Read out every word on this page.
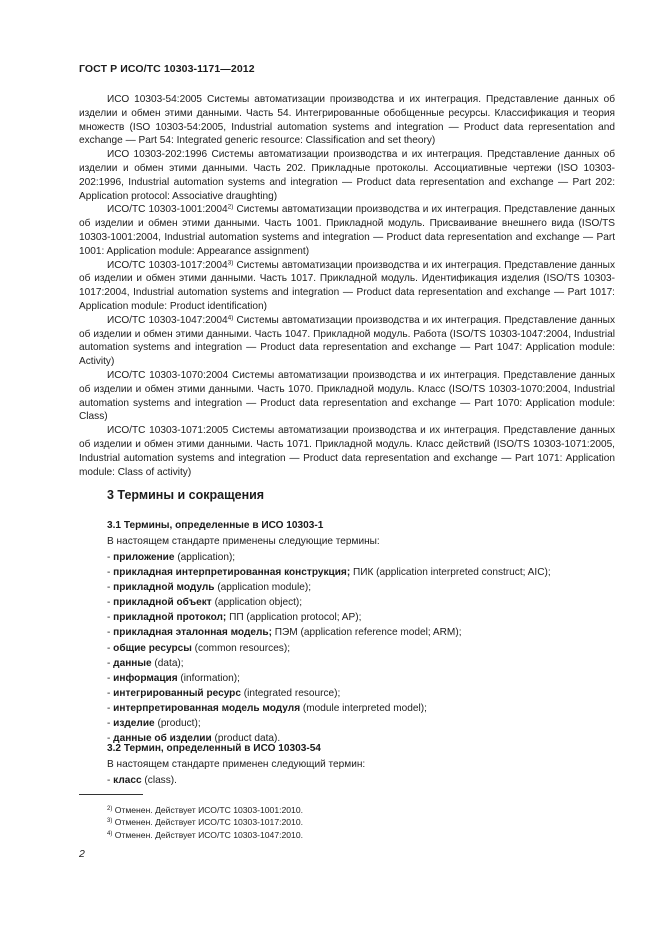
ГОСТ Р ИСО/ТС 10303-1171—2012

ИСО 10303-54:2005 Системы автоматизации производства и их интеграция. Представление данных об изделии и обмен этими данными. Часть 54. Интегрированные обобщенные ресурсы. Классификация и теория множеств (ISO 10303-54:2005, Industrial automation systems and integration — Product data representation and exchange — Part 54: Integrated generic resource: Classification and set theory)

ИСО 10303-202:1996 Системы автоматизации производства и их интеграция. Представление данных об изделии и обмен этими данными. Часть 202. Прикладные протоколы. Ассоциативные чертежи (ISO 10303-202:1996, Industrial automation systems and integration — Product data representation and exchange — Part 202: Application protocol: Associative draughting)

ИСО/ТС 10303-1001:2004$^{2)}$ Системы автоматизации производства и их интеграция. Представление данных об изделии и обмен этими данными. Часть 1001. Прикладной модуль. Присваивание внешнего вида (ISO/TS 10303-1001:2004, Industrial automation systems and integration — Product data representation and exchange — Part 1001: Application module: Appearance assignment)

ИСО/ТС 10303-1017:2004$^{3)}$ Системы автоматизации производства и их интеграция. Представление данных об изделии и обмен этими данными. Часть 1017. Прикладной модуль. Идентификация изделия (ISO/TS 10303-1017:2004, Industrial automation systems and integration — Product data representation and exchange — Part 1017: Application module: Product identification)

ИСО/ТС 10303-1047:2004$^{4)}$ Системы автоматизации производства и их интеграция. Представление данных об изделии и обмен этими данными. Часть 1047. Прикладной модуль. Работа (ISO/TS 10303-1047:2004, Industrial automation systems and integration — Product data representation and exchange — Part 1047: Application module: Activity)

ИСО/ТС 10303-1070:2004 Системы автоматизации производства и их интеграция. Представление данных об изделии и обмен этими данными. Часть 1070. Прикладной модуль. Класс (ISO/TS 10303-1070:2004, Industrial automation systems and integration — Product data representation and exchange — Part 1070: Application module: Class)

ИСО/ТС 10303-1071:2005 Системы автоматизации производства и их интеграция. Представление данных об изделии и обмен этими данными. Часть 1071. Прикладной модуль. Класс действий (ISO/TS 10303-1071:2005, Industrial automation systems and integration — Product data representation and exchange — Part 1071: Application module: Class of activity)

3 Термины и сокращения
3.1 Термины, определенные в ИСО 10303-1
В настоящем стандарте применены следующие термины:
- приложение (application);
- прикладная интерпретированная конструкция; ПИК (application interpreted construct; AIC);
- прикладной модуль (application module);
- прикладной объект (application object);
- прикладной протокол; ПП (application protocol; AP);
- прикладная эталонная модель; ПЭМ (application reference model; ARM);
- общие ресурсы (common resources);
- данные (data);
- информация (information);
- интегрированный ресурс (integrated resource);
- интерпретированная модель модуля (module interpreted model);
- изделие (product);
- данные об изделии (product data).
3.2 Термин, определенный в ИСО 10303-54
В настоящем стандарте применен следующий термин:
- класс (class).
$^{2)}$ Отменен. Действует ИСО/ТС 10303-1001:2010.
$^{3)}$ Отменен. Действует ИСО/ТС 10303-1017:2010.
$^{4)}$ Отменен. Действует ИСО/ТС 10303-1047:2010.
2
